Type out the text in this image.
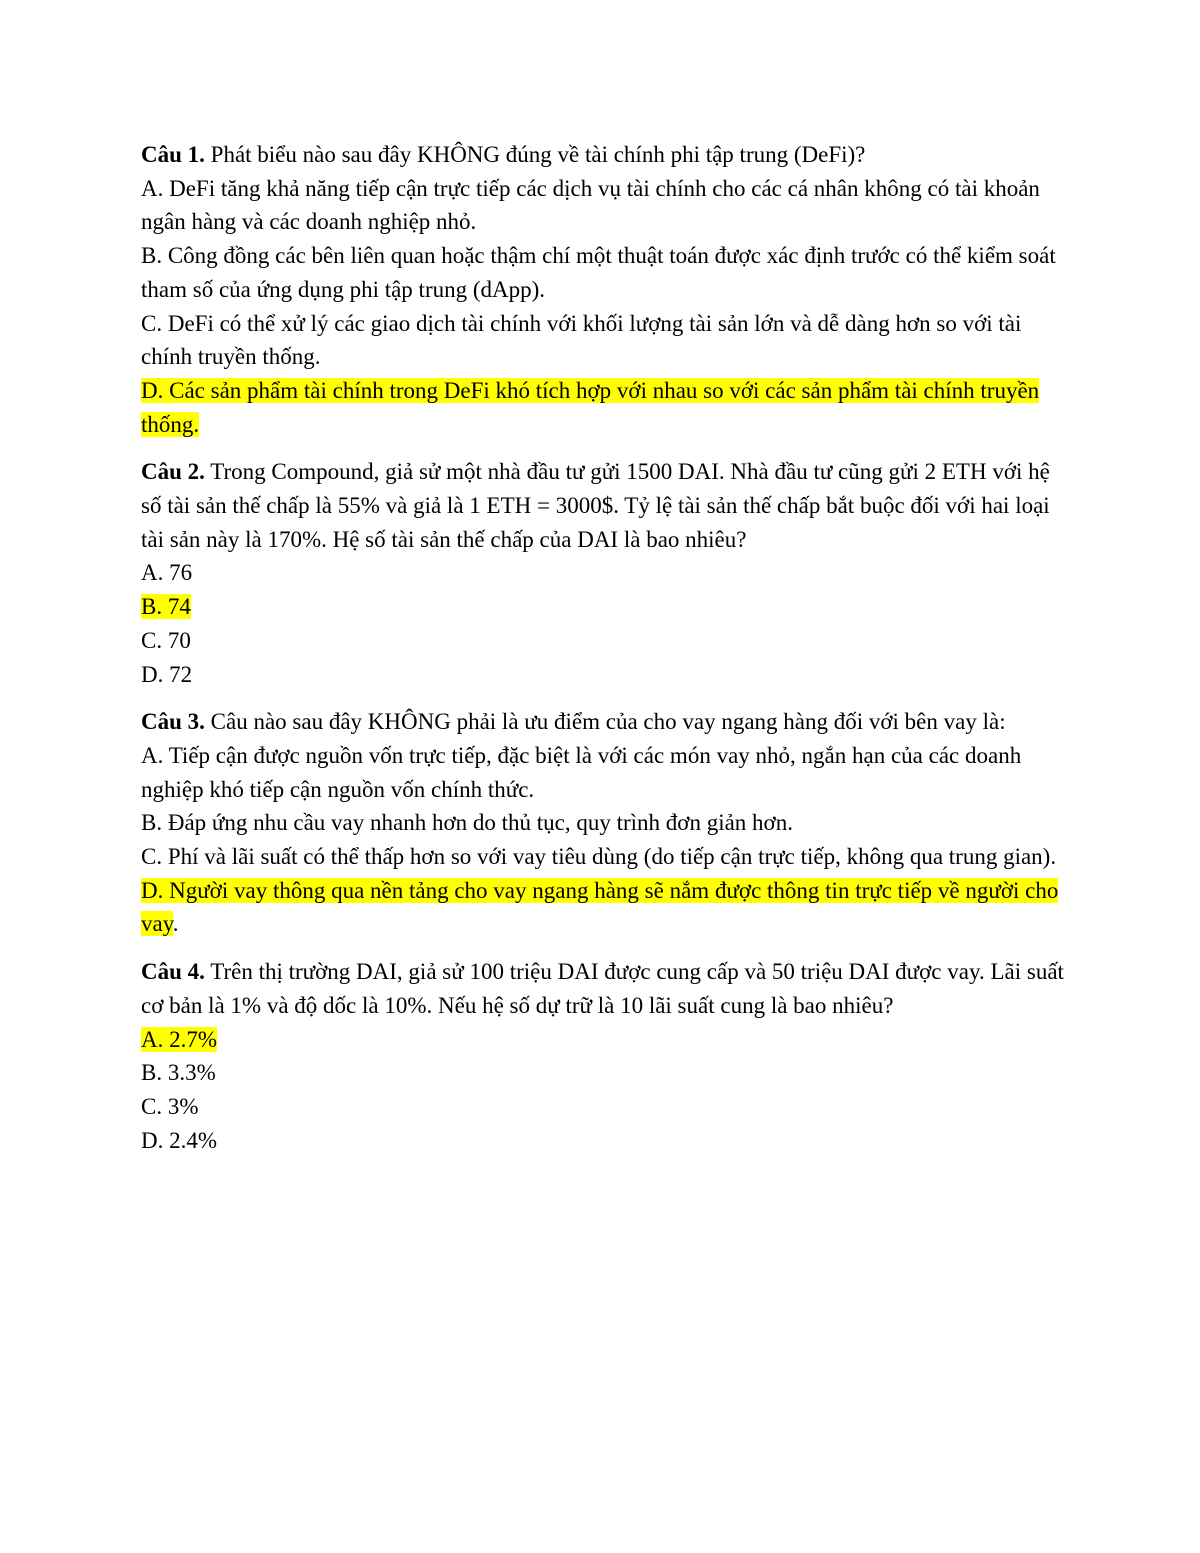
Câu 1. Phát biểu nào sau đây KHÔNG đúng về tài chính phi tập trung (DeFi)?

A. DeFi tăng khả năng tiếp cận trực tiếp các dịch vụ tài chính cho các cá nhân không có tài khoản ngân hàng và các doanh nghiệp nhỏ.

B. Công đồng các bên liên quan hoặc thậm chí một thuật toán được xác định trước có thể kiểm soát tham số của ứng dụng phi tập trung (dApp).

C. DeFi có thể xử lý các giao dịch tài chính với khối lượng tài sản lớn và dễ dàng hơn so với tài chính truyền thống.

D. Các sản phẩm tài chính trong DeFi khó tích hợp với nhau so với các sản phẩm tài chính truyền thống.

Câu 2. Trong Compound, giả sử một nhà đầu tư gửi 1500 DAI. Nhà đầu tư cũng gửi 2 ETH với hệ số tài sản thế chấp là 55% và giả là 1 ETH = 3000$. Tỷ lệ tài sản thế chấp bắt buộc đối với hai loại tài sản này là 170%. Hệ số tài sản thế chấp của DAI là bao nhiêu?

A. 76

B. 74

C. 70

D. 72

Câu 3. Câu nào sau đây KHÔNG phải là ưu điểm của cho vay ngang hàng đối với bên vay là:

A. Tiếp cận được nguồn vốn trực tiếp, đặc biệt là với các món vay nhỏ, ngắn hạn của các doanh nghiệp khó tiếp cận nguồn vốn chính thức.

B. Đáp ứng nhu cầu vay nhanh hơn do thủ tục, quy trình đơn giản hơn.

C. Phí và lãi suất có thể thấp hơn so với vay tiêu dùng (do tiếp cận trực tiếp, không qua trung gian).

D. Người vay thông qua nền tảng cho vay ngang hàng sẽ nắm được thông tin trực tiếp về người cho vay.

Câu 4. Trên thị trường DAI, giả sử 100 triệu DAI được cung cấp và 50 triệu DAI được vay. Lãi suất cơ bản là 1% và độ dốc là 10%. Nếu hệ số dự trữ là 10 lãi suất cung là bao nhiêu?

A. 2.7%

B. 3.3%

C. 3%

D. 2.4%
